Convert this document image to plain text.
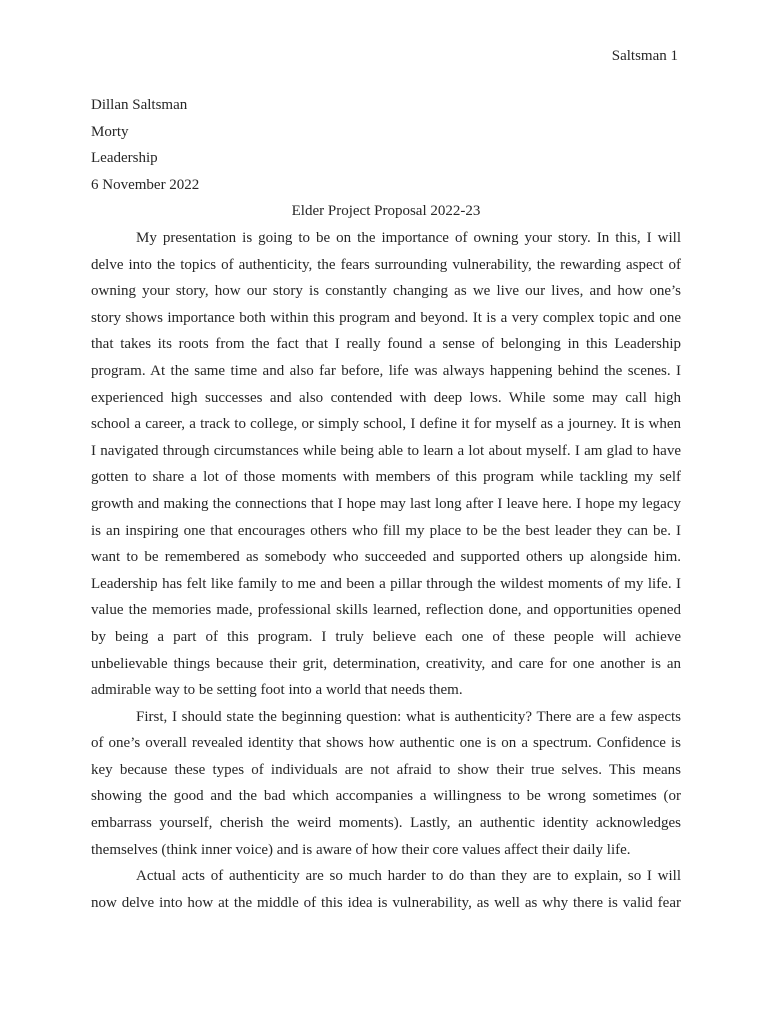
Saltsman 1
Dillan Saltsman
Morty
Leadership
6 November 2022
Elder Project Proposal 2022-23
My presentation is going to be on the importance of owning your story. In this, I will
delve into the topics of authenticity, the fears surrounding vulnerability, the rewarding aspect of
owning your story, how our story is constantly changing as we live our lives, and how one’s
story shows importance both within this program and beyond. It is a very complex topic and one
that takes its roots from the fact that I really found a sense of belonging in this Leadership
program. At the same time and also far before, life was always happening behind the scenes. I
experienced high successes and also contended with deep lows. While some may call high
school a career, a track to college, or simply school, I define it for myself as a journey. It is when
I navigated through circumstances while being able to learn a lot about myself. I am glad to have
gotten to share a lot of those moments with members of this program while tackling my self
growth and making the connections that I hope may last long after I leave here. I hope my legacy
is an inspiring one that encourages others who fill my place to be the best leader they can be. I
want to be remembered as somebody who succeeded and supported others up alongside him.
Leadership has felt like family to me and been a pillar through the wildest moments of my life. I
value the memories made, professional skills learned, reflection done, and opportunities opened
by being a part of this program. I truly believe each one of these people will achieve
unbelievable things because their grit, determination, creativity, and care for one another is an
admirable way to be setting foot into a world that needs them.
First, I should state the beginning question: what is authenticity? There are a few aspects
of one’s overall revealed identity that shows how authentic one is on a spectrum. Confidence is
key because these types of individuals are not afraid to show their true selves. This means
showing the good and the bad which accompanies a willingness to be wrong sometimes (or
embarrass yourself, cherish the weird moments). Lastly, an authentic identity acknowledges
themselves (think inner voice) and is aware of how their core values affect their daily life.
Actual acts of authenticity are so much harder to do than they are to explain, so I will
now delve into how at the middle of this idea is vulnerability, as well as why there is valid fear
